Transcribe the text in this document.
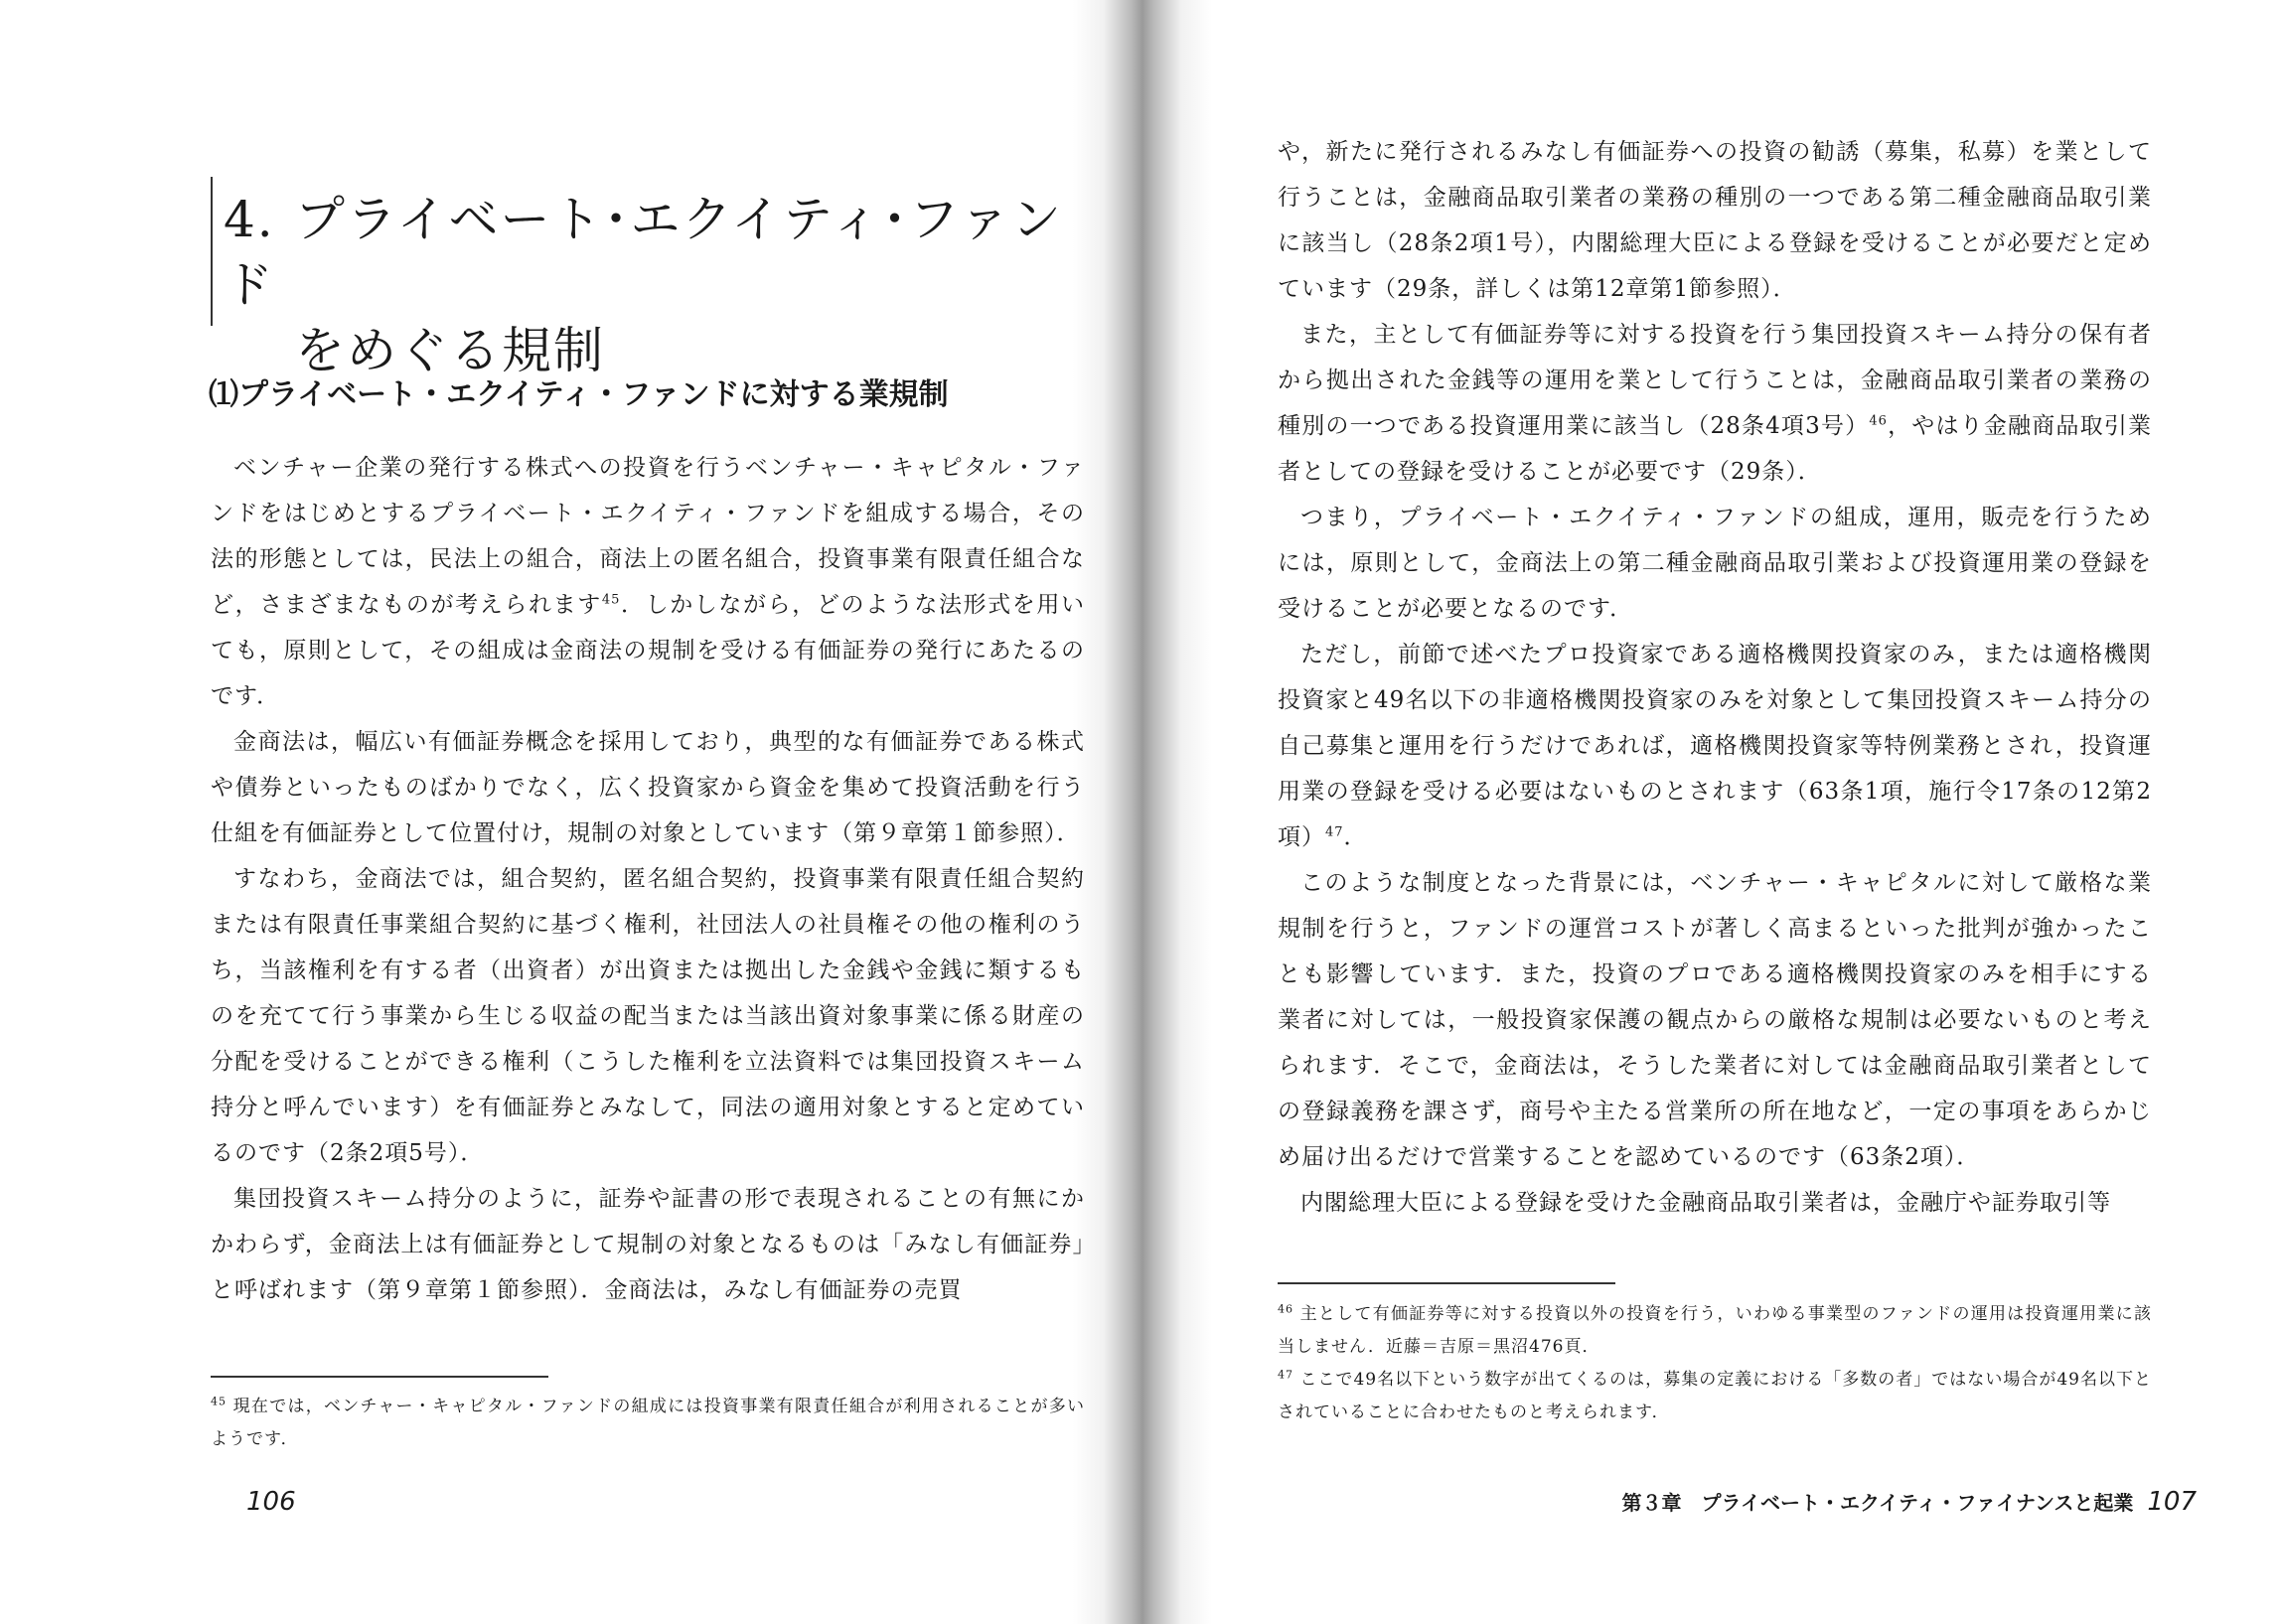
4. プライベート･エクイティ･ファンド
をめぐる規制
⑴プライベート・エクイティ・ファンドに対する業規制

ベンチャー企業の発行する株式への投資を行うベンチャー・キャピタル・ファンドをはじめとするプライベート・エクイティ・ファンドを組成する場合，その法的形態としては，民法上の組合，商法上の匿名組合，投資事業有限責任組合など，さまざまなものが考えられます$^{45}$．しかしながら，どのような法形式を用いても，原則として，その組成は金商法の規制を受ける有価証券の発行にあたるのです．

金商法は，幅広い有価証券概念を採用しており，典型的な有価証券である株式や債券といったものばかりでなく，広く投資家から資金を集めて投資活動を行う仕組を有価証券として位置付け，規制の対象としています（第９章第１節参照）．

すなわち，金商法では，組合契約，匿名組合契約，投資事業有限責任組合契約または有限責任事業組合契約に基づく権利，社団法人の社員権その他の権利のうち，当該権利を有する者（出資者）が出資または拠出した金銭や金銭に類するものを充てて行う事業から生じる収益の配当または当該出資対象事業に係る財産の分配を受けることができる権利（こうした権利を立法資料では集団投資スキーム持分と呼んでいます）を有価証券とみなして，同法の適用対象とすると定めているのです（2条2項5号）．

集団投資スキーム持分のように，証券や証書の形で表現されることの有無にかかわらず，金商法上は有価証券として規制の対象となるものは「みなし有価証券」と呼ばれます（第９章第１節参照）．金商法は，みなし有価証券の売買

$^{45}$ 現在では，ベンチャー・キャピタル・ファンドの組成には投資事業有限責任組合が利用されることが多いようです．

106

や，新たに発行されるみなし有価証券への投資の勧誘（募集，私募）を業として行うことは，金融商品取引業者の業務の種別の一つである第二種金融商品取引業に該当し（28条2項1号），内閣総理大臣による登録を受けることが必要だと定めています（29条，詳しくは第12章第1節参照）．

また，主として有価証券等に対する投資を行う集団投資スキーム持分の保有者から拠出された金銭等の運用を業として行うことは，金融商品取引業者の業務の種別の一つである投資運用業に該当し（28条4項3号）$^{46}$，やはり金融商品取引業者としての登録を受けることが必要です（29条）．

つまり，プライベート・エクイティ・ファンドの組成，運用，販売を行うためには，原則として，金商法上の第二種金融商品取引業および投資運用業の登録を受けることが必要となるのです．

ただし，前節で述べたプロ投資家である適格機関投資家のみ，または適格機関投資家と49名以下の非適格機関投資家のみを対象として集団投資スキーム持分の自己募集と運用を行うだけであれば，適格機関投資家等特例業務とされ，投資運用業の登録を受ける必要はないものとされます（63条1項，施行令17条の12第2項）$^{47}$．

このような制度となった背景には，ベンチャー・キャピタルに対して厳格な業規制を行うと，ファンドの運営コストが著しく高まるといった批判が強かったことも影響しています．また，投資のプロである適格機関投資家のみを相手にする業者に対しては，一般投資家保護の観点からの厳格な規制は必要ないものと考えられます．そこで，金商法は，そうした業者に対しては金融商品取引業者としての登録義務を課さず，商号や主たる営業所の所在地など，一定の事項をあらかじめ届け出るだけで営業することを認めているのです（63条2項）．

内閣総理大臣による登録を受けた金融商品取引業者は，金融庁や証券取引等

$^{46}$ 主として有価証券等に対する投資以外の投資を行う，いわゆる事業型のファンドの運用は投資運用業に該当しません．近藤＝吉原＝黒沼476頁．

$^{47}$ ここで49名以下という数字が出てくるのは，募集の定義における「多数の者」ではない場合が49名以下とされていることに合わせたものと考えられます．

第３章　プライベート・エクイティ・ファイナンスと起業 107
